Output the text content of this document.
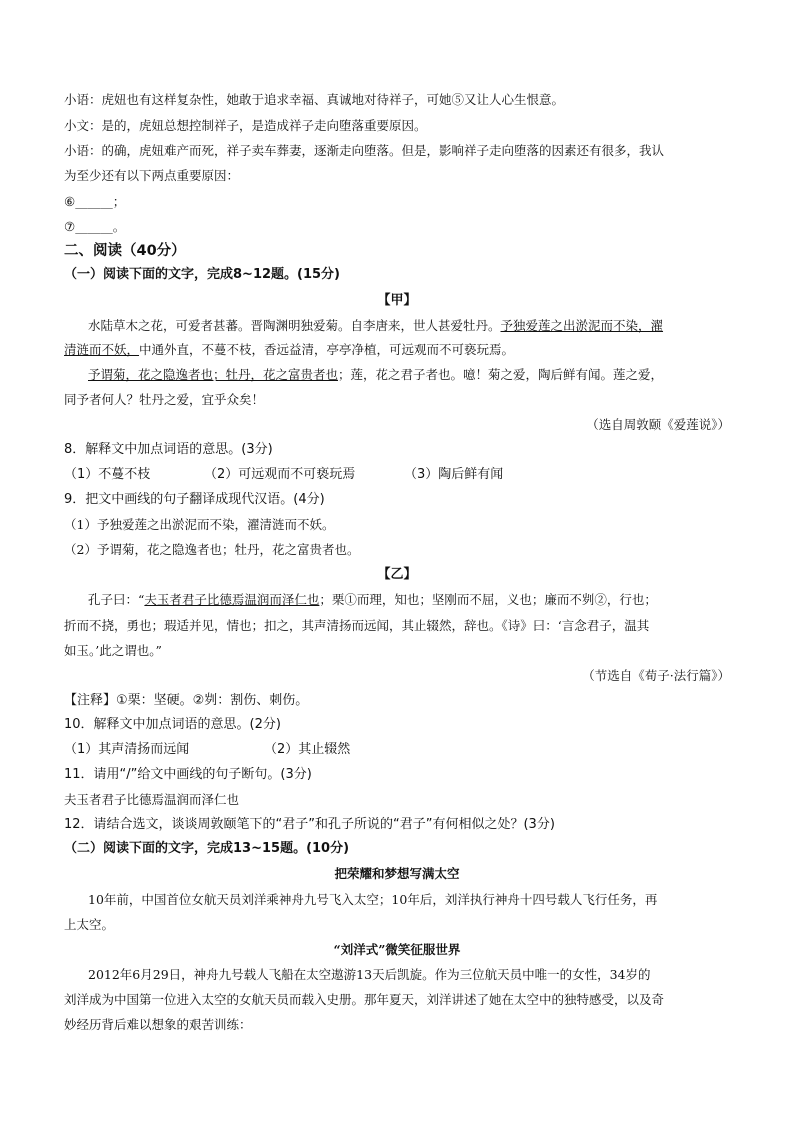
小语：虎妞也有这样复杂性，她敢于追求幸福、真诚地对待祥子，可她⑤又让人心生恨意。
小文：是的，虎妞总想控制祥子，是造成祥子走向堕落重要原因。
小语：的确，虎妞难产而死，祥子卖车葬妻，逐渐走向堕落。但是，影响祥子走向堕落的因素还有很多，我认
为至少还有以下两点重要原因：
⑥______；
⑦______。
二、阅读（40分）
（一）阅读下面的文字，完成8~12题。(15分)
【甲】
水陆草木之花，可爱者甚蕃。晋陶渊明独爱菊。自李唐来，世人甚爱牡丹。予独爱莲之出淤泥而不染，濯
清涟而不妖，中通外直，不蔓不枝，香远益清，亭亭净植，可远观而不可亵玩焉。
予谓菊，花之隐逸者也；牡丹，花之富贵者也；莲，花之君子者也。噫！菊之爱，陶后鲜有闻。莲之爱，
同予者何人？牡丹之爱，宜乎众矣！
（选自周敦颐《爱莲说》）
8．解释文中加点词语的意思。(3分)
（1）不蔓不枝	（2）可远观而不可亵玩焉	（3）陶后鲜有闻
9．把文中画线的句子翻译成现代汉语。(4分)
（1）予独爱莲之出淤泥而不染，濯清涟而不妖。
（2）予谓菊，花之隐逸者也；牡丹，花之富贵者也。
【乙】
孔子曰：“夫玉者君子比德焉温润而泽仁也；栗①而理，知也；坚刚而不屈，义也；廉而不刿②，行也；
折而不挠，勇也；瑕适并见，情也；扣之，其声清扬而远闻，其止辍然，辞也。《诗》曰：‘言念君子，温其
如玉。’此之谓也。”
（节选自《荀子·法行篇》）
【注释】①栗：坚硬。②刿：割伤、刺伤。
10．解释文中加点词语的意思。(2分)
（1）其声清扬而远闻	（2）其止辍然
11．请用“/”给文中画线的句子断句。(3分)
夫玉者君子比德焉温润而泽仁也
12．请结合选文，谈谈周敦颐笔下的“君子”和孔子所说的“君子”有何相似之处？(3分)
（二）阅读下面的文字，完成13~15题。(10分)
把荣耀和梦想写满太空
10年前，中国首位女航天员刘洋乘神舟九号飞入太空；10年后，刘洋执行神舟十四号载人飞行任务，再
上太空。
“刘洋式”微笑征服世界
2012年6月29日，神舟九号载人飞船在太空遨游13天后凯旋。作为三位航天员中唯一的女性，34岁的
刘洋成为中国第一位进入太空的女航天员而载入史册。那年夏天，刘洋讲述了她在太空中的独特感受，以及奇
妙经历背后难以想象的艰苦训练：
